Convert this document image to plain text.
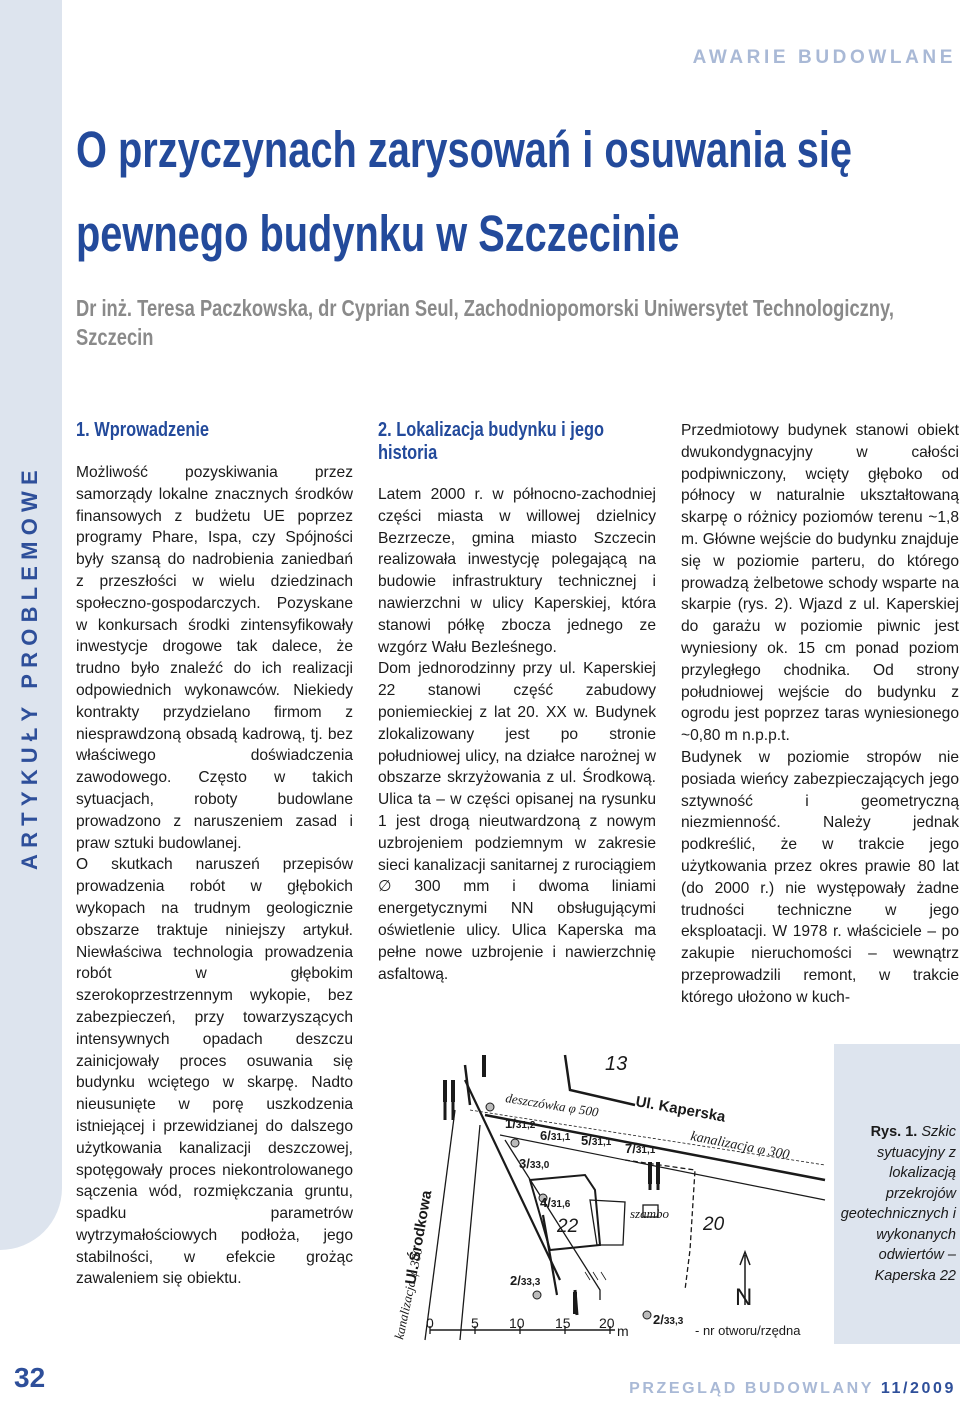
ARTYKUŁY PROBLEMOWE
32
AWARIE BUDOWLANE
O przyczynach zarysowań i osuwania się pewnego budynku w Szczecinie
Dr inż. Teresa Paczkowska, dr Cyprian Seul, Zachodniopomorski Uniwersytet Technologiczny, Szczecin
1. Wprowadzenie

Możliwość pozyskiwania przez samorządy lokalne znacznych środków finansowych z budżetu UE poprzez programy Phare, Ispa, czy Spójności były szansą do nadrobienia zaniedbań z przeszłości w wielu dziedzinach społeczno-gospodarczych. Pozyskane w konkursach środki zintensyfikowały inwestycje drogowe tak dalece, że trudno było znaleźć do ich realizacji odpowiednich wykonawców. Niekiedy kontrakty przydzielano firmom z niesprawdzoną obsadą kadrową, tj. bez właściwego doświadczenia zawodowego. Często w takich sytuacjach, roboty budowlane prowadzono z naruszeniem zasad i praw sztuki budowlanej.

O skutkach naruszeń przepisów prowadzenia robót w głębokich wykopach na trudnym geologicznie obszarze traktuje niniejszy artykuł. Niewłaściwa technologia prowadzenia robót w głębokim szerokoprzestrzennym wykopie, bez zabezpieczeń, przy towarzyszących intensywnych opadach deszczu zainicjowały proces osuwania się budynku wciętego w skarpę. Nadto nieusunięte w porę uszkodzenia istniejącej i przewidzianej do dalszego użytkowania kanalizacji deszczowej, spotęgowały proces niekontrolowanego sączenia wód, rozmiękczania gruntu, spadku parametrów wytrzymałościowych podłoża, jego stabilności, w efekcie grożąc zawaleniem się obiektu.

2. Lokalizacja budynku i jego historia

Latem 2000 r. w północno-zachodniej części miasta w willowej dzielnicy Bezrzecze, gmina miasto Szczecin realizowała inwestycję polegającą na budowie infrastruktury technicznej i nawierzchni w ulicy Kaperskiej, która stanowi półkę zbocza jednego ze wzgórz Wału Bezleśnego.

Dom jednorodzinny przy ul. Kaperskiej 22 stanowi część zabudowy poniemieckiej z lat 20. XX w. Budynek zlokalizowany jest po stronie południowej ulicy, na działce narożnej w obszarze skrzyżowania z ul. Środkową. Ulica ta – w części opisanej na rysunku 1 jest drogą nieutwardzoną z nowym uzbrojeniem podziemnym w zakresie sieci kanalizacji sanitarnej z rurociągiem ∅ 300 mm i dwoma liniami energetycznymi NN obsługującymi oświetlenie ulicy. Ulica Kaperska ma pełne nowe uzbrojenie i nawierzchnię asfaltową.

Przedmiotowy budynek stanowi obiekt dwukondygnacyjny w całości podpiwniczony, wcięty głęboko od północy w naturalnie ukształtowaną skarpę o różnicy poziomów terenu ~1,8 m. Główne wejście do budynku znajduje się w poziomie parteru, do którego prowadzą żelbetowe schody wsparte na skarpie (rys. 2). Wjazd z ul. Kaperskiej do garażu w poziomie piwnic jest wyniesiony ok. 15 cm ponad poziom przyległego chodnika. Od strony południowej wejście do budynku z ogrodu jest poprzez taras wyniesionego ~0,80 m n.p.p.t.

Budynek w poziomie stropów nie posiada wieńcy zabezpieczających jego sztywność i geometryczną niezmienność. Należy jednak podkreślić, że w trakcie jego użytkowania przez okres prawie 80 lat (do 2000 r.) nie występowały żadne trudności techniczne w jego eksploatacji. W 1978 r. właściciele – po zakupie nieruchomości – wewnątrz przeprowadzili remont, w trakcie którego ułożono w kuch-

13
Ul. Kaperska
deszczówka φ 500
kanalizacja φ 300
szambo
22	20
N
Ul. Środkowa
kanalizacja φ 300
1/31,2
6/31,1 5/31,1 7/31,1
3/33,0
4/31,6
2/33,3
0	5 10 15 20 m
2/33,3
- nr otworu/rzędna
Rys. 1. Szkic sytuacyjny z lokalizacją przekrojów geotechnicznych i wykonanych odwiertów – Kaperska 22
PRZEGLĄD BUDOWLANY 11/2009
